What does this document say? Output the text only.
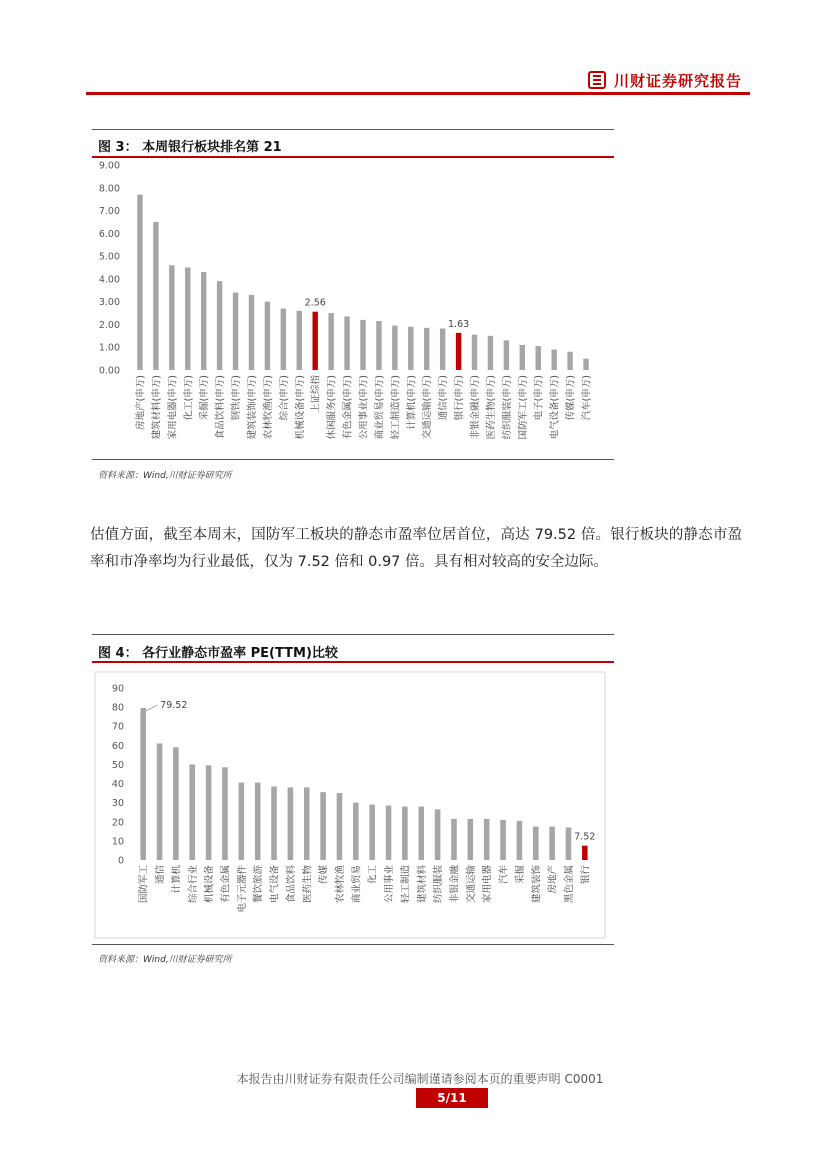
川财证券研究报告
图 3： 本周银行板块排名第 21
0.00
1.00
2.00
3.00
4.00
5.00
6.00
7.00
8.00
9.00
房地产(申万) 建筑材料(申万) 家用电器(申万) 化工(申万) 采掘(申万) 食品饮料(申万) 钢铁(申万) 建筑装饰(申万) 农林牧渔(申万) 综合(申万) 机械设备(申万) 上证综指
2.56
休闲服务(申万) 有色金属(申万) 公用事业(申万) 商业贸易(申万) 轻工制造(申万) 计算机(申万) 交通运输(申万) 通信(申万) 银行(申万)
1.63
非银金融(申万) 医药生物(申万) 纺织服装(申万) 国防军工(申万) 电子(申万) 电气设备(申万) 传媒(申万) 汽车(申万)
资料来源：Wind,川财证券研究所
估值方面，截至本周末，国防军工板块的静态市盈率位居首位，高达 79.52 倍。银行板块的静态市盈率和市净率均为行业最低，仅为 7.52 倍和 0.97 倍。具有相对较高的安全边际。
图 4： 各行业静态市盈率 PE(TTM)比较
0
10
20
30
40
50
60
70
80
90
国防军工
79.52
通信 计算机 综合行业 机械设备 有色金属 电子元器件 餐饮旅游 电气设备 食品饮料 医药生物 传媒 农林牧渔 商业贸易 化工 公用事业 轻工制造 建筑材料 纺织服装 非银金融 交通运输 家用电器 汽车 采掘 建筑装饰 房地产 黑色金属 银行
7.52
资料来源：Wind,川财证券研究所
本报告由川财证券有限责任公司编制谨请参阅本页的重要声明 C0001
5/11
